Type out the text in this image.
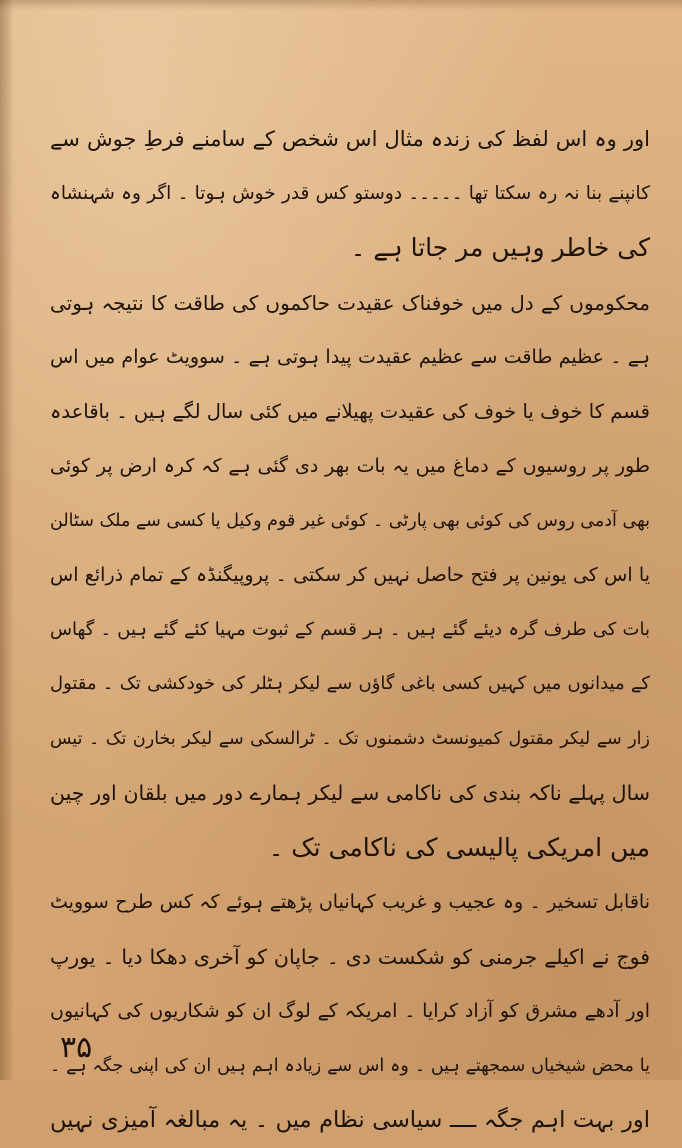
اور وہ اس لفظ کی زندہ مثال اس شخص کے سامنے فرطِ جوش سے
کانپنے بنا نہ رہ سکتا تھا ۔۔۔۔۔ دوستو کس قدر خوش ہوتا ۔ اگر وہ شہنشاہ
کی خاطر وہیں مر جاتا ہے ۔
محکوموں کے دل میں خوفناک عقیدت حاکموں کی طاقت کا نتیجہ ہوتی
ہے ۔ عظیم طاقت سے عظیم عقیدت پیدا ہوتی ہے ۔ سوویٹ عوام میں اس
قسم کا خوف یا خوف کی عقیدت پھیلانے میں کئی سال لگے ہیں ۔ باقاعدہ
طور پر روسیوں کے دماغ میں یہ بات بھر دی گئی ہے کہ کرہ ارض پر کوئی
بھی آدمی روس کی کوئی بھی پارٹی ۔ کوئی غیر قوم وکیل یا کسی سے ملک سٹالن
یا اس کی یونین پر فتح حاصل نہیں کر سکتی ۔ پروپیگنڈہ کے تمام ذرائع اس
بات کی طرف گرہ دیئے گئے ہیں ۔ ہر قسم کے ثبوت مہیا کئے گئے ہیں ۔ گھاس
کے میدانوں میں کہیں کسی باغی گاؤں سے لیکر ہٹلر کی خودکشی تک ۔ مقتول
زار سے لیکر مقتول کمیونسٹ دشمنوں تک ۔ ٹرالسکی سے لیکر بخارن تک ۔ تیس
سال پہلے ناکہ بندی کی ناکامی سے لیکر ہمارے دور میں بلقان اور چین
میں امریکی پالیسی کی ناکامی تک ۔
ناقابل تسخیر ۔ وہ عجیب و غریب کہانیاں پڑھتے ہوئے کہ کس طرح سوویٹ
فوج نے اکیلے جرمنی کو شکست دی ۔ جاپان کو آخری دھکا دیا ۔ یورپ
اور آدھے مشرق کو آزاد کرایا ۔ امریکہ کے لوگ ان کو شکاریوں کی کہانیوں
یا محض شیخیاں سمجھتے ہیں ۔ وہ اس سے زیادہ اہم ہیں ان کی اپنی جگہ ہے ۔
اور بہت اہم جگہ ــــ سیاسی نظام میں ۔ یہ مبالغہ آمیزی نہیں
۳۵
